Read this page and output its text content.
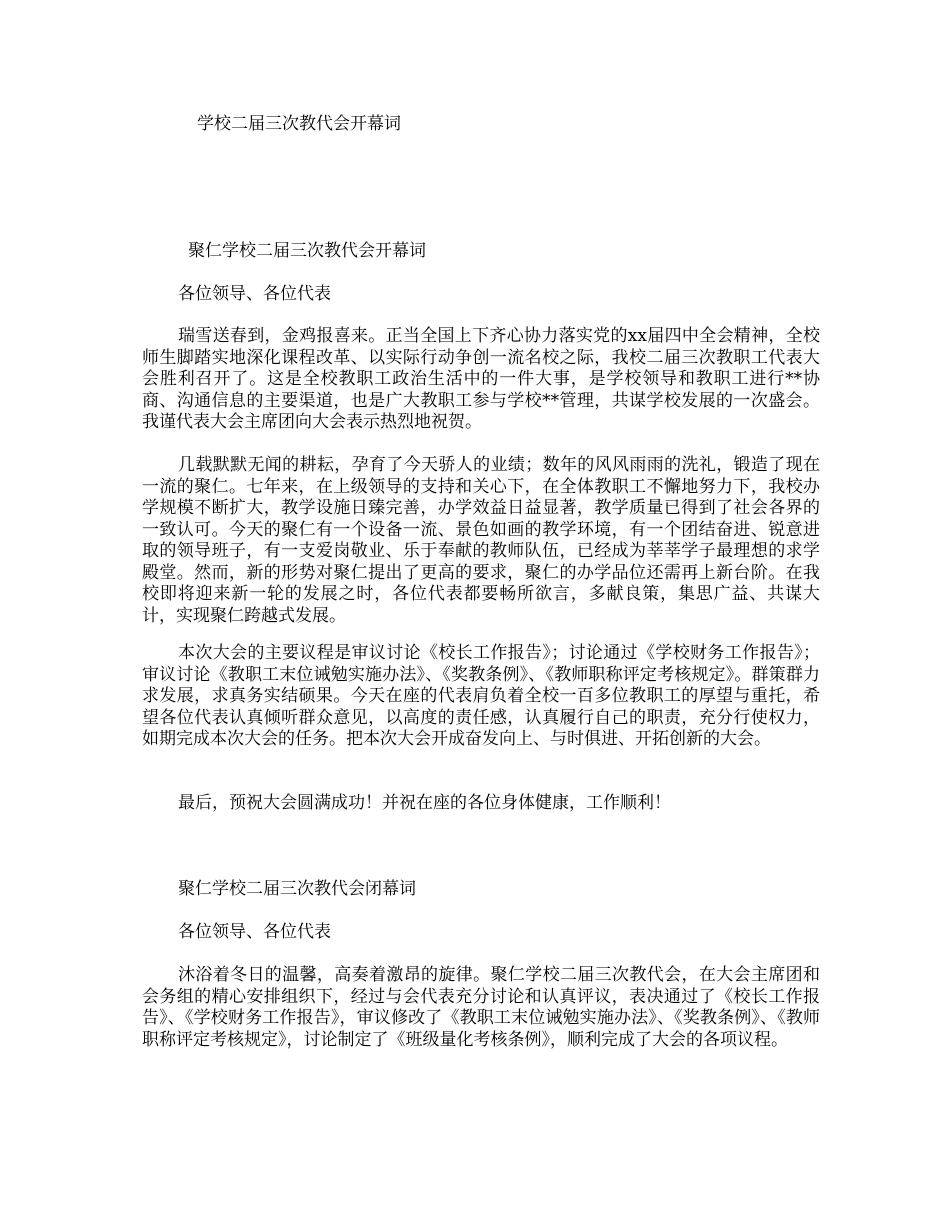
学校二届三次教代会开幕词
聚仁学校二届三次教代会开幕词
各位领导、各位代表

瑞雪送春到，金鸡报喜来。正当全国上下齐心协力落实党的xx届四中全会精神，全校师生脚踏实地深化课程改革、以实际行动争创一流名校之际，我校二届三次教职工代表大会胜利召开了。这是全校教职工政治生活中的一件大事，是学校领导和教职工进行**协商、沟通信息的主要渠道，也是广大教职工参与学校**管理，共谋学校发展的一次盛会。我谨代表大会主席团向大会表示热烈地祝贺。

几载默默无闻的耕耘，孕育了今天骄人的业绩；数年的风风雨雨的洗礼，锻造了现在一流的聚仁。七年来，在上级领导的支持和关心下，在全体教职工不懈地努力下，我校办学规模不断扩大，教学设施日臻完善，办学效益日益显著，教学质量已得到了社会各界的一致认可。今天的聚仁有一个设备一流、景色如画的教学环境，有一个团结奋进、锐意进取的领导班子，有一支爱岗敬业、乐于奉献的教师队伍，已经成为莘莘学子最理想的求学殿堂。然而，新的形势对聚仁提出了更高的要求，聚仁的办学品位还需再上新台阶。在我校即将迎来新一轮的发展之时，各位代表都要畅所欲言，多献良策，集思广益、共谋大计，实现聚仁跨越式发展。

本次大会的主要议程是审议讨论《校长工作报告》；讨论通过《学校财务工作报告》；审议讨论《教职工末位诫勉实施办法》、《奖教条例》、《教师职称评定考核规定》。群策群力求发展，求真务实结硕果。今天在座的代表肩负着全校一百多位教职工的厚望与重托，希望各位代表认真倾听群众意见，以高度的责任感，认真履行自己的职责，充分行使权力，如期完成本次大会的任务。把本次大会开成奋发向上、与时俱进、开拓创新的大会。

最后，预祝大会圆满成功！并祝在座的各位身体健康，工作顺利！
聚仁学校二届三次教代会闭幕词
各位领导、各位代表

沐浴着冬日的温馨，高奏着激昂的旋律。聚仁学校二届三次教代会，在大会主席团和会务组的精心安排组织下，经过与会代表充分讨论和认真评议，表决通过了《校长工作报告》、《学校财务工作报告》，审议修改了《教职工末位诫勉实施办法》、《奖教条例》、《教师职称评定考核规定》，讨论制定了《班级量化考核条例》，顺利完成了大会的各项议程。
